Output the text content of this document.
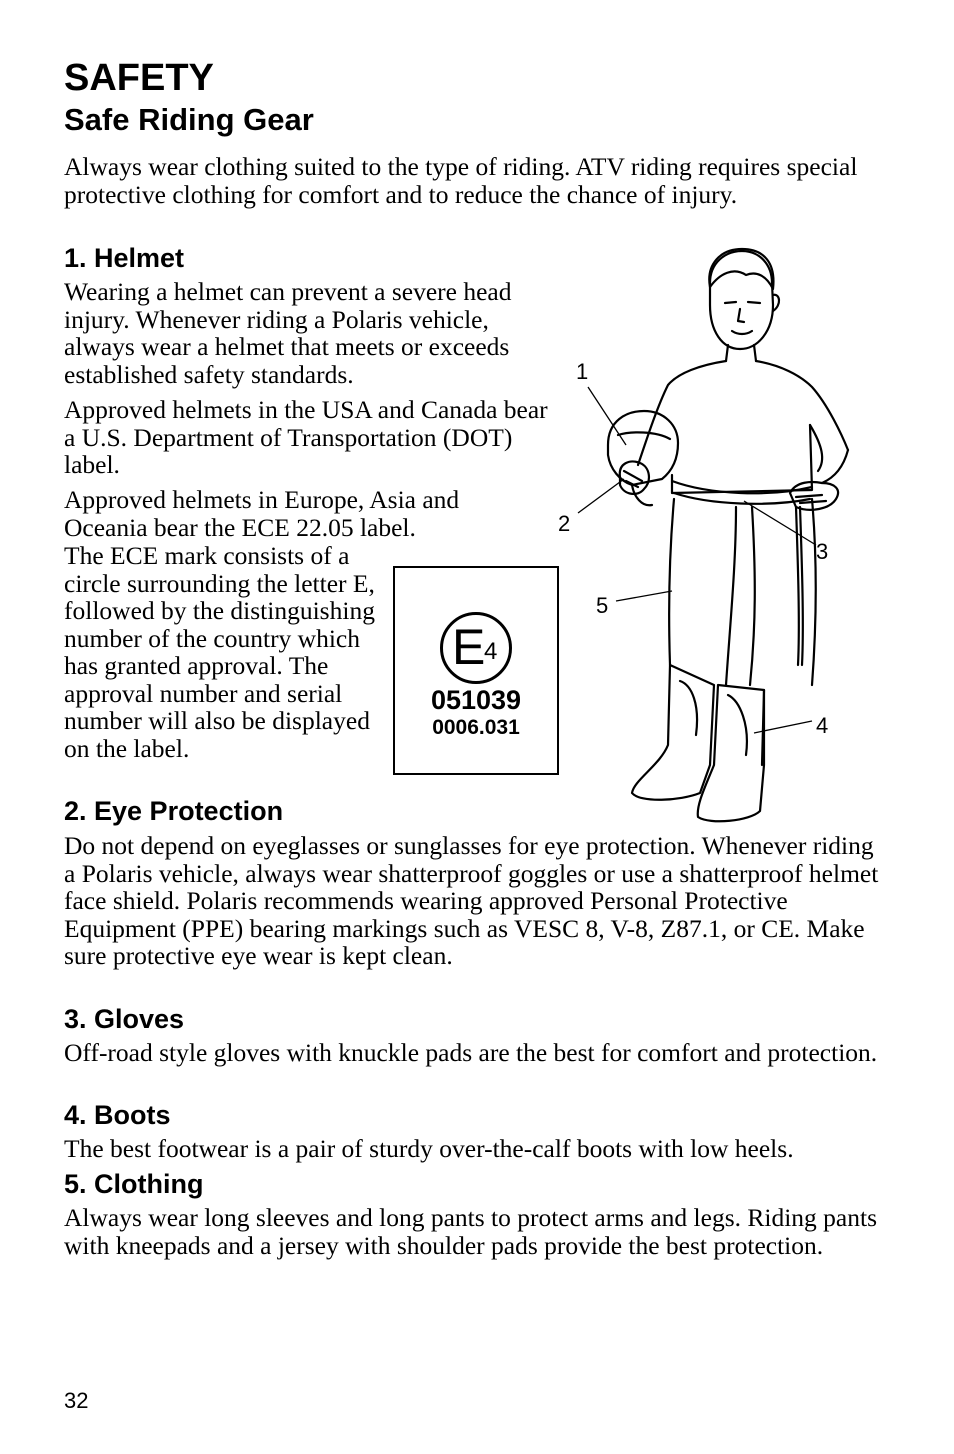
SAFETY
Safe Riding Gear

Always wear clothing suited to the type of riding. ATV riding requires special protective clothing for comfort and to reduce the chance of injury.

1. Helmet

Wearing a helmet can prevent a severe head injury. Whenever riding a Polaris vehicle, always wear a helmet that meets or exceeds established safety standards.

Approved helmets in the USA and Canada bear a U.S. Department of Transportation (DOT) label.

Approved helmets in Europe, Asia and Oceania bear the ECE 22.05 label.

The ECE mark consists of a circle surrounding the letter E, followed by the distinguishing number of the country which has granted approval. The approval number and serial number will also be displayed on the label.

E
4
051039
0006.031
1
2
3
4
5
2. Eye Protection

Do not depend on eyeglasses or sunglasses for eye protection. Whenever riding a Polaris vehicle, always wear shatterproof goggles or use a shatterproof helmet face shield. Polaris recommends wearing approved Personal Protective Equipment (PPE) bearing markings such as VESC 8, V-8, Z87.1, or CE. Make sure protective eye wear is kept clean.

3. Gloves

Off-road style gloves with knuckle pads are the best for comfort and protection.

4. Boots

The best footwear is a pair of sturdy over-the-calf boots with low heels.

5. Clothing

Always wear long sleeves and long pants to protect arms and legs. Riding pants with kneepads and a jersey with shoulder pads provide the best protection.

32
